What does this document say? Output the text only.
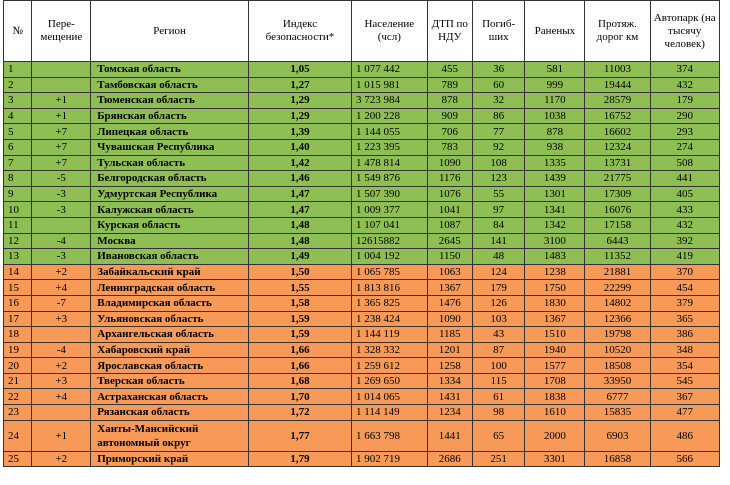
№	Пере-мещение	Регион	Индекс безопасности*	Население (чсл)	ДТП по НДУ	Погиб-ших	Раненых	Протяж. дорог км	Автопарк (на тысячу человек)
1		Томская область	1,05	1 077 442	455	36	581	11003	374
2		Тамбовская область	1,27	1 015 981	789	60	999	19444	432
3	+1	Тюменская область	1,29	3 723 984	878	32	1170	28579	179
4	+1	Брянская область	1,29	1 200 228	909	86	1038	16752	290
5	+7	Липецкая область	1,39	1 144 055	706	77	878	16602	293
6	+7	Чувашская Республика	1,40	1 223 395	783	92	938	12324	274
7	+7	Тульская область	1,42	1 478 814	1090	108	1335	13731	508
8	-5	Белгородская область	1,46	1 549 876	1176	123	1439	21775	441
9	-3	Удмуртская Республика	1,47	1 507 390	1076	55	1301	17309	405
10	-3	Калужская область	1,47	1 009 377	1041	97	1341	16076	433
11		Курская область	1,48	1 107 041	1087	84	1342	17158	432
12	-4	Москва	1,48	12615882	2645	141	3100	6443	392
13	-3	Ивановская область	1,49	1 004 192	1150	48	1483	11352	419
14	+2	Забайкальский край	1,50	1 065 785	1063	124	1238	21881	370
15	+4	Ленинградская область	1,55	1 813 816	1367	179	1750	22299	454
16	-7	Владимирская область	1,58	1 365 825	1476	126	1830	14802	379
17	+3	Ульяновская область	1,59	1 238 424	1090	103	1367	12366	365
18		Архангельская область	1,59	1 144 119	1185	43	1510	19798	386
19	-4	Хабаровский край	1,66	1 328 332	1201	87	1940	10520	348
20	+2	Ярославская область	1,66	1 259 612	1258	100	1577	18508	354
21	+3	Тверская область	1,68	1 269 650	1334	115	1708	33950	545
22	+4	Астраханская область	1,70	1 014 065	1431	61	1838	6777	367
23		Рязанская область	1,72	1 114 149	1234	98	1610	15835	477
24	+1	Ханты-Мансийский автономный округ	1,77	1 663 798	1441	65	2000	6903	486
25	+2	Приморский край	1,79	1 902 719	2686	251	3301	16858	566
